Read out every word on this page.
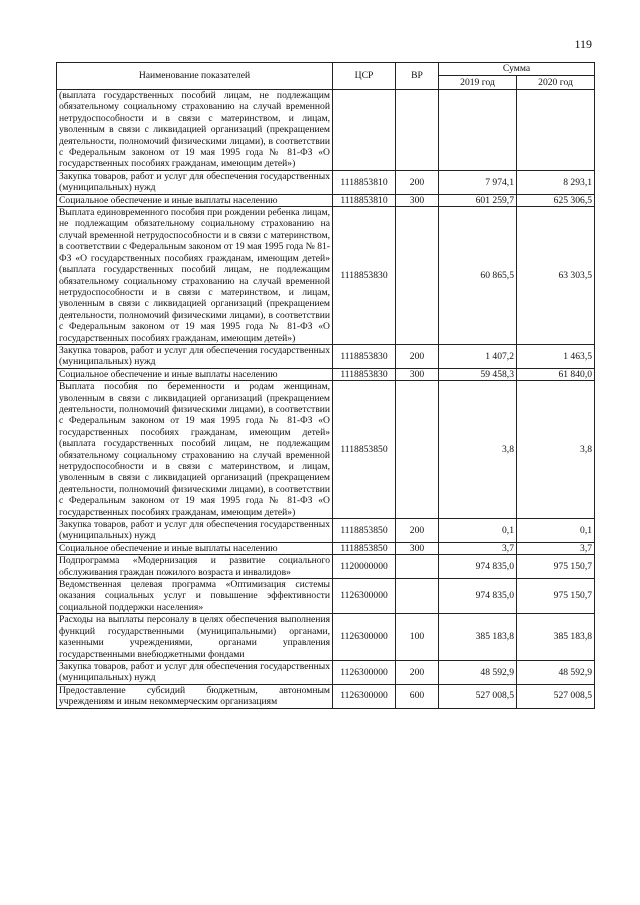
119
Наименование показателей	ЦСР	ВР	Сумма	
			2019 год	2020 год
(выплата государственных пособий лицам, не подлежащим обязательному социальному страхованию на случай временной нетрудоспособности и в связи с материнством, и лицам, уволенным в связи с ликвидацией организаций (прекращением деятельности, полномочий физическими лицами), в соответствии с Федеральным законом от 19 мая 1995 года № 81-ФЗ «О государственных пособиях гражданам, имеющим детей»)				
Закупка товаров, работ и услуг для обеспечения государственных (муниципальных) нужд	1118853810	200	7 974,1	8 293,1
Социальное обеспечение и иные выплаты населению	1118853810	300	601 259,7	625 306,5
Выплата единовременного пособия при рождении ребенка лицам, не подлежащим обязательному социальному страхованию на случай временной нетрудоспособности и в связи с материнством, в соответствии с Федеральным законом от 19 мая 1995 года № 81-ФЗ «О государственных пособиях гражданам, имеющим детей» (выплата государственных пособий лицам, не подлежащим обязательному социальному страхованию на случай временной нетрудоспособности и в связи с материнством, и лицам, уволенным в связи с ликвидацией организаций (прекращением деятельности, полномочий физическими лицами), в соответствии с Федеральным законом от 19 мая 1995 года № 81-ФЗ «О государственных пособиях гражданам, имеющим детей»)	1118853830		60 865,5	63 303,5
Закупка товаров, работ и услуг для обеспечения государственных (муниципальных) нужд	1118853830	200	1 407,2	1 463,5
Социальное обеспечение и иные выплаты населению	1118853830	300	59 458,3	61 840,0
Выплата пособия по беременности и родам женщинам, уволенным в связи с ликвидацией организаций (прекращением деятельности, полномочий физическими лицами), в соответствии с Федеральным законом от 19 мая 1995 года № 81-ФЗ «О государственных пособиях гражданам, имеющим детей» (выплата государственных пособий лицам, не подлежащим обязательному социальному страхованию на случай временной нетрудоспособности и в связи с материнством, и лицам, уволенным в связи с ликвидацией организаций (прекращением деятельности, полномочий физическими лицами), в соответствии с Федеральным законом от 19 мая 1995 года № 81-ФЗ «О государственных пособиях гражданам, имеющим детей»)	1118853850		3,8	3,8
Закупка товаров, работ и услуг для обеспечения государственных (муниципальных) нужд	1118853850	200	0,1	0,1
Социальное обеспечение и иные выплаты населению	1118853850	300	3,7	3,7
Подпрограмма «Модернизация и развитие социального обслуживания граждан пожилого возраста и инвалидов»	1120000000		974 835,0	975 150,7
Ведомственная целевая программа «Оптимизация системы оказания социальных услуг и повышение эффективности социальной поддержки населения»	1126300000		974 835,0	975 150,7
Расходы на выплаты персоналу в целях обеспечения выполнения функций государственными (муниципальными) органами, казенными учреждениями, органами управления государственными внебюджетными фондами	1126300000	100	385 183,8	385 183,8
Закупка товаров, работ и услуг для обеспечения государственных (муниципальных) нужд	1126300000	200	48 592,9	48 592,9
Предоставление субсидий бюджетным, автономным учреждениям и иным некоммерческим организациям	1126300000	600	527 008,5	527 008,5
